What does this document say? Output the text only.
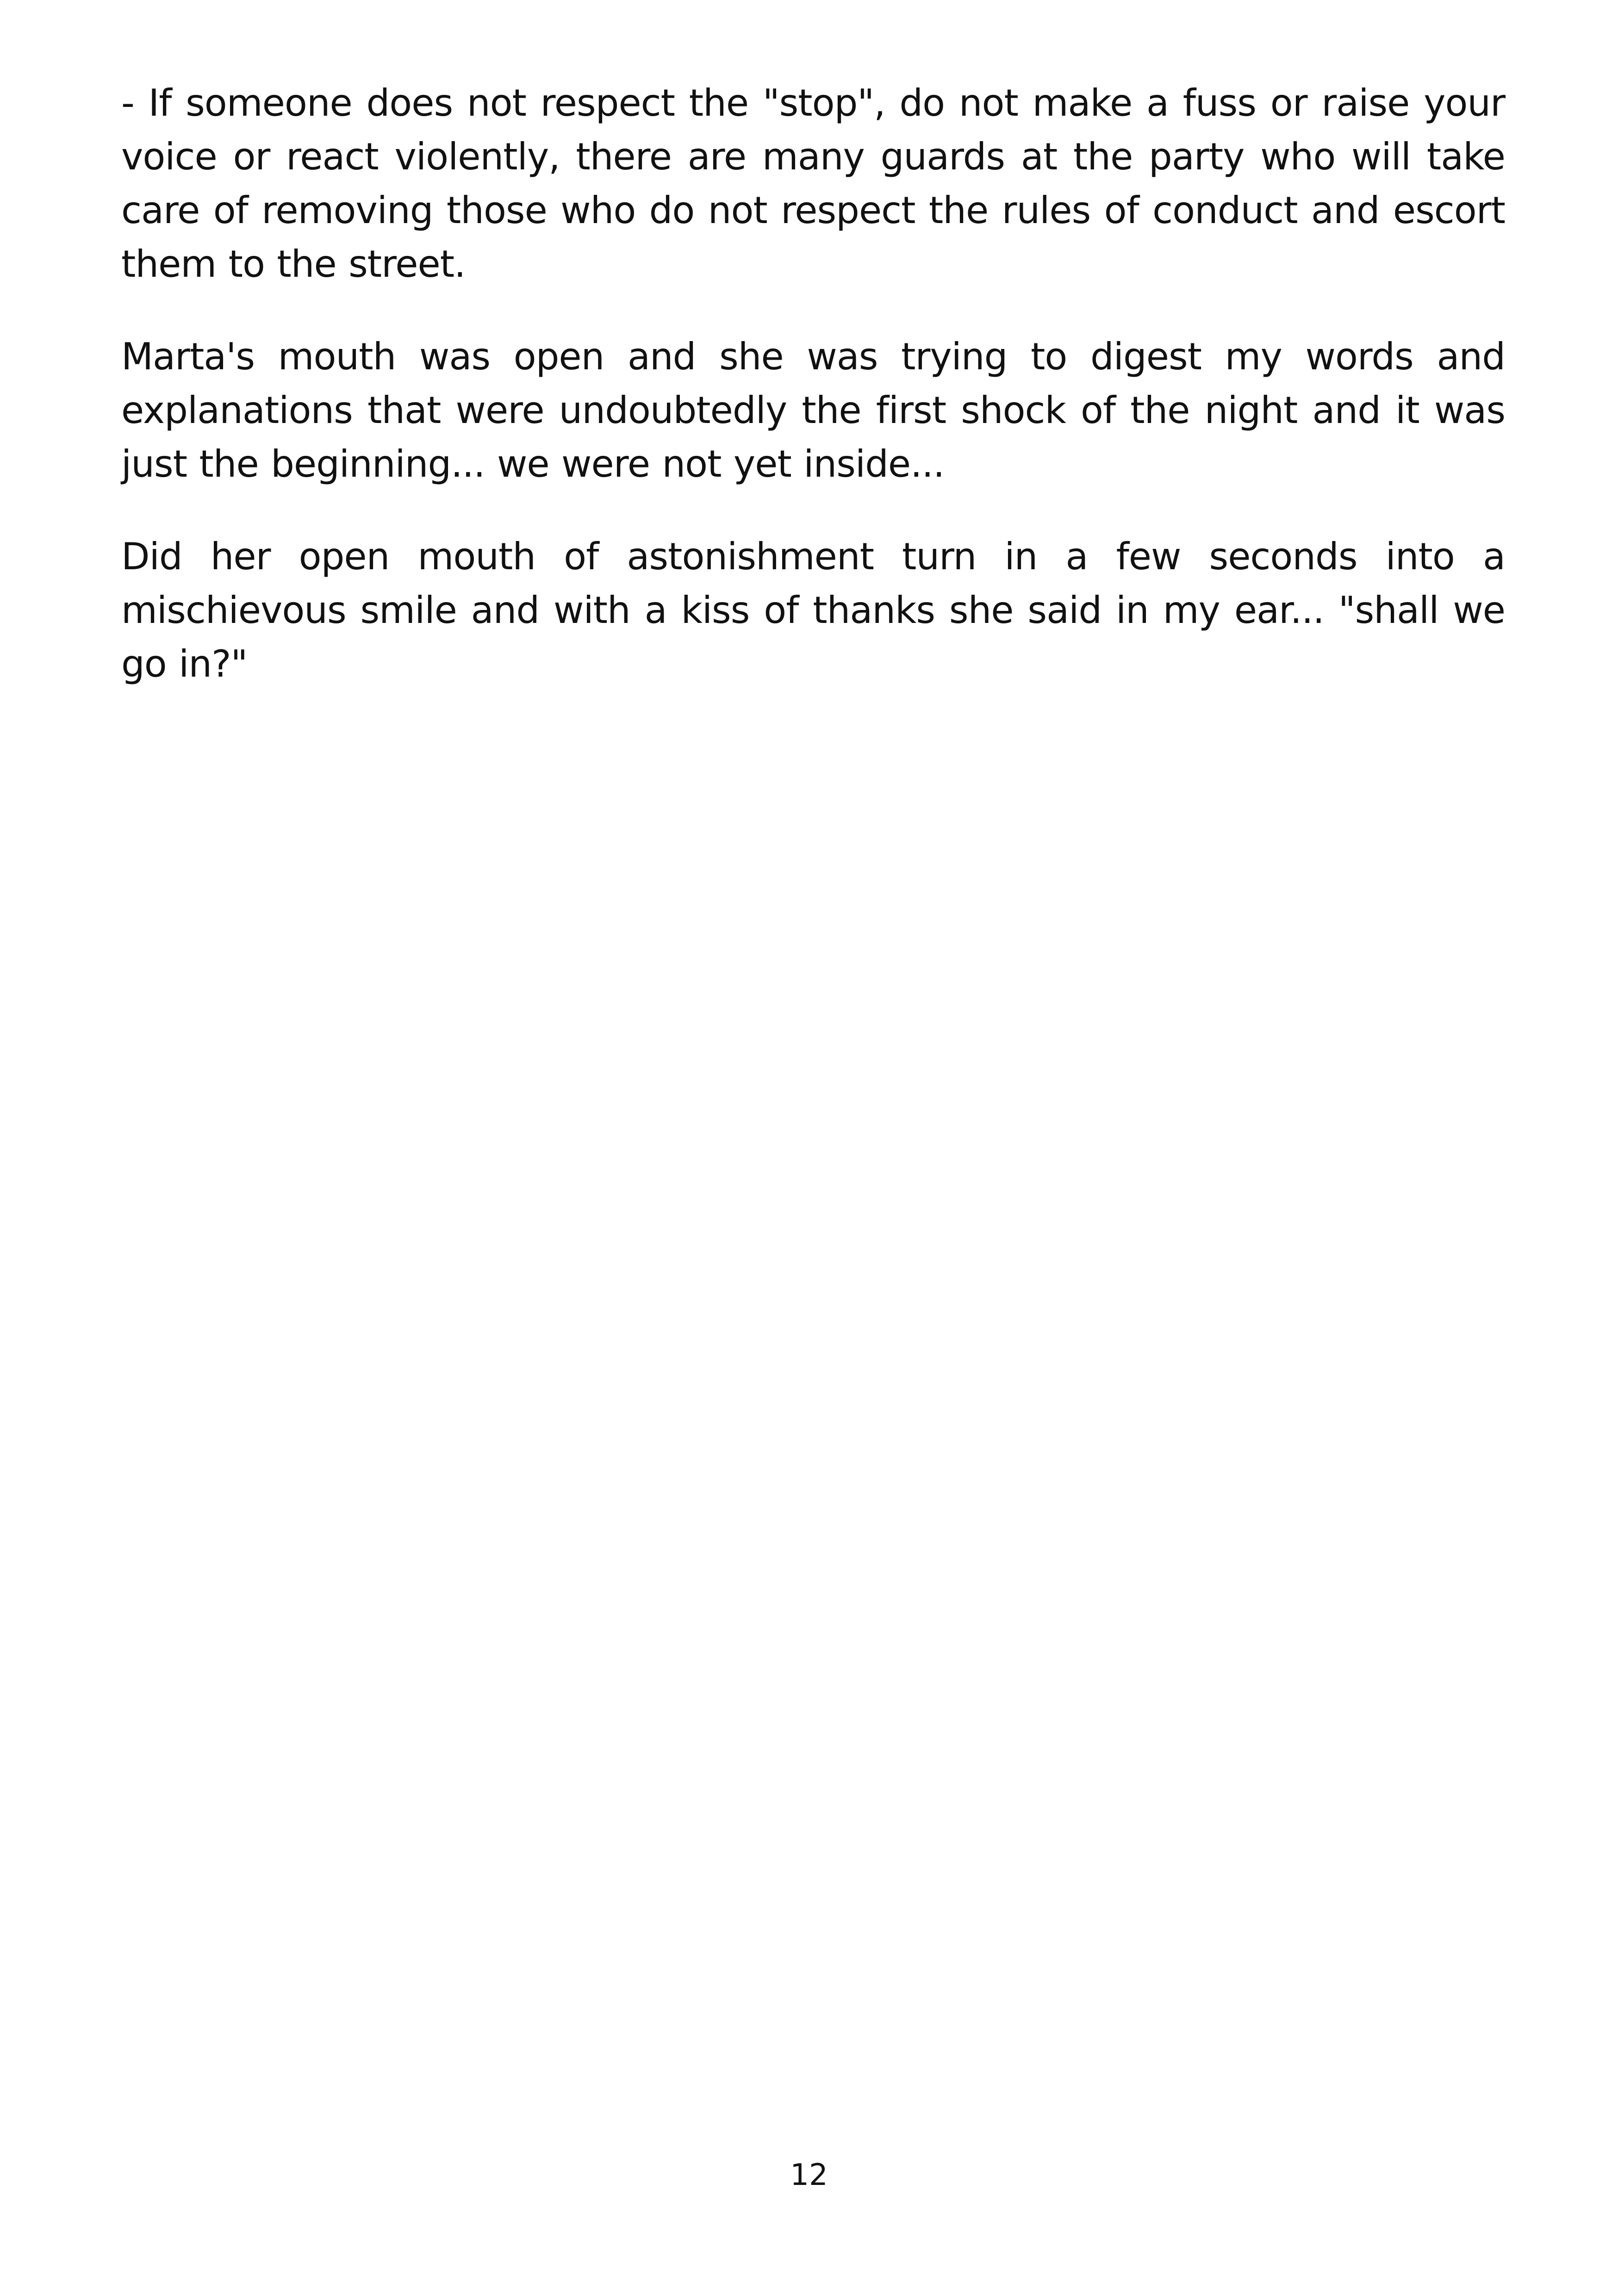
- If someone does not respect the "stop", do not make a fuss or raise your voice or react violently, there are many guards at the party who will take care of removing those who do not respect the rules of conduct and escort them to the street.

Marta's mouth was open and she was trying to digest my words and explanations that were undoubtedly the first shock of the night and it was just the beginning... we were not yet inside...

Did her open mouth of astonishment turn in a few seconds into a mischievous smile and with a kiss of thanks she said in my ear... "shall we go in?"

12
